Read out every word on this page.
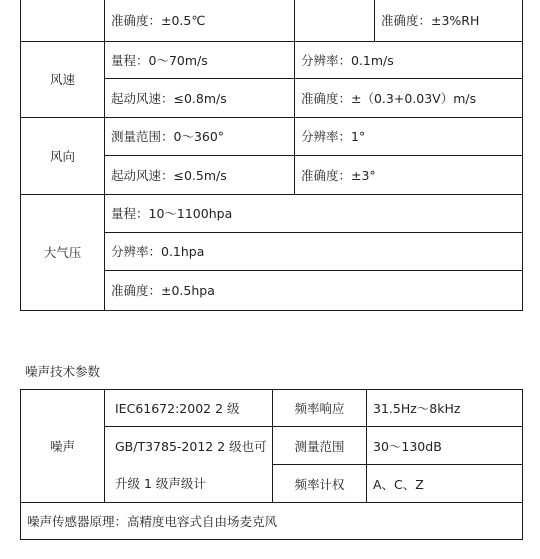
	准确度：±0.5℃		准确度：±3%RH
风速	量程：0～70m/s	分辨率：0.1m/s	
	起动风速：≤0.8m/s	准确度：±（0.3+0.03V）m/s	
风向	测量范围：0～360°	分辨率：1°	
	起动风速：≤0.5m/s	准确度：±3°	
大气压	量程：10～1100hpa		
	分辨率：0.1hpa		
	准确度：±0.5hpa		
噪声技术参数
噪声	IEC61672:2002 2 级	频率响应	31.5Hz～8kHz
	GB/T3785-2012 2 级也可	测量范围	30～130dB
	升级 1 级声级计	频率计权	A、C、Z
噪声传感器原理：高精度电容式自由场麦克风			
